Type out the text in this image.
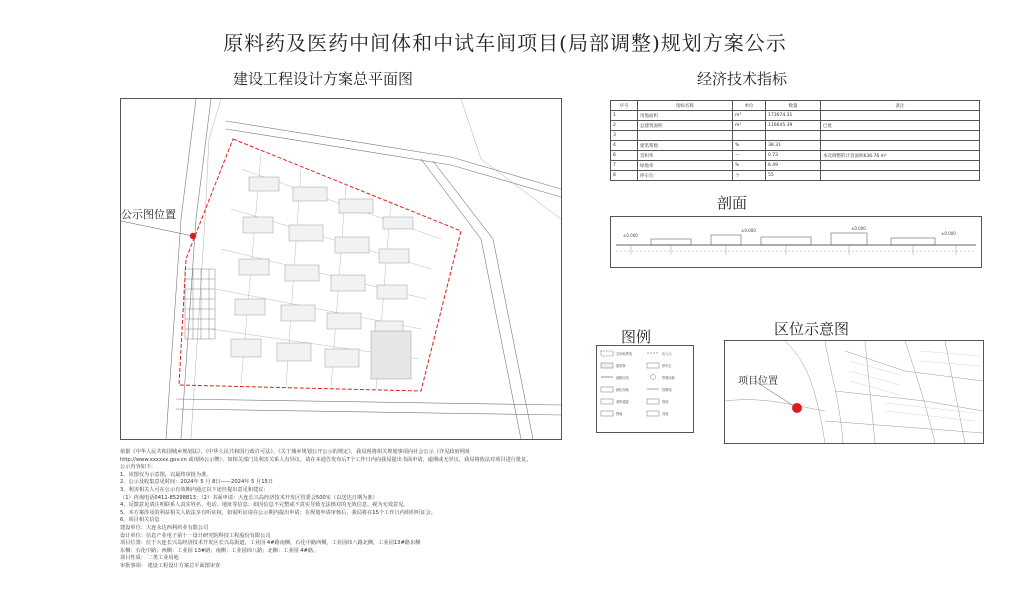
原料药及医药中间体和中试车间项目(局部调整)规划方案公示
建设工程设计方案总平面图	经济技术指标
剖面
图例	区位示意图
公示图位置
序号	指标名称	单位	数量	备注
1	用地面积	m²	173674.31	
2	总建筑面积	m²	116645.39	已批
3				
4	建筑系数	%	38.31	
6	容积率	—	0.73	本次调整的计容面积636.76 m²
7	绿地率	%	6.49	
8	停车位	个	55	
±0.000
±0.000	±0.000
±0.000
总用地界线
建筑物
道路红线
绿化用地
消防通道
围墙
出入口
停车位
景观用地
控制线
管线
其他
项目位置
依据《中华人民共和国城乡规划法》、《中华人民共和国行政许可法》、《关于城乡规划公开公示的规定》，我局现将相关规划事项向社会公示（详见政府网址
http://www.xxxxxx.gov.cn 或现场公示牌），如相关部门及利害关系人有异议，请在本通告发布后7个工作日内向我局提出书面申请，逾期或无异议，我局将依法对项目进行批复。
公示内容如下:
1、该图仅为示意图，以最终审批为准。
2、公示及收集意见时间：2024年 5 月 8日——2024年 5 月15日
3、利害相关人可在公示有效期内通过以下途径提出意见和建议:
（1）咨询电话0411-85298813；（2）书面申请：大连长兴岛经济技术开发区管委会500室（以送达日期为准）
4、反馈意见请注明联系人真实姓名、电话、地址等信息；如因信息不完整或不真实导致无法核对的无效信息，视为无效意见。
5、本方案涉及的利益相关人依法享有听证权，如需听证请在公示期内提出申请；在规划申请审核后，我局将在15个工作日内组织听证会。
6、项目相关信息
建设单位：大连永达西利药业有限公司
设计单位：信息产业电子第十一设计研究院科技工程股份有限公司
项目位置：位于大连长兴岛经济技术开发区长兴岛街道，工业园 4#路南侧，石化中路西侧，工业园纬八路北侧，工业园13#路东侧
东侧：石化中路；西侧：工业园 13#路；南侧：工业园纬八路；北侧：工业园 4#路。
项目性质： 二类工业用地
审批事项： 建设工程设计方案总平面图审查
